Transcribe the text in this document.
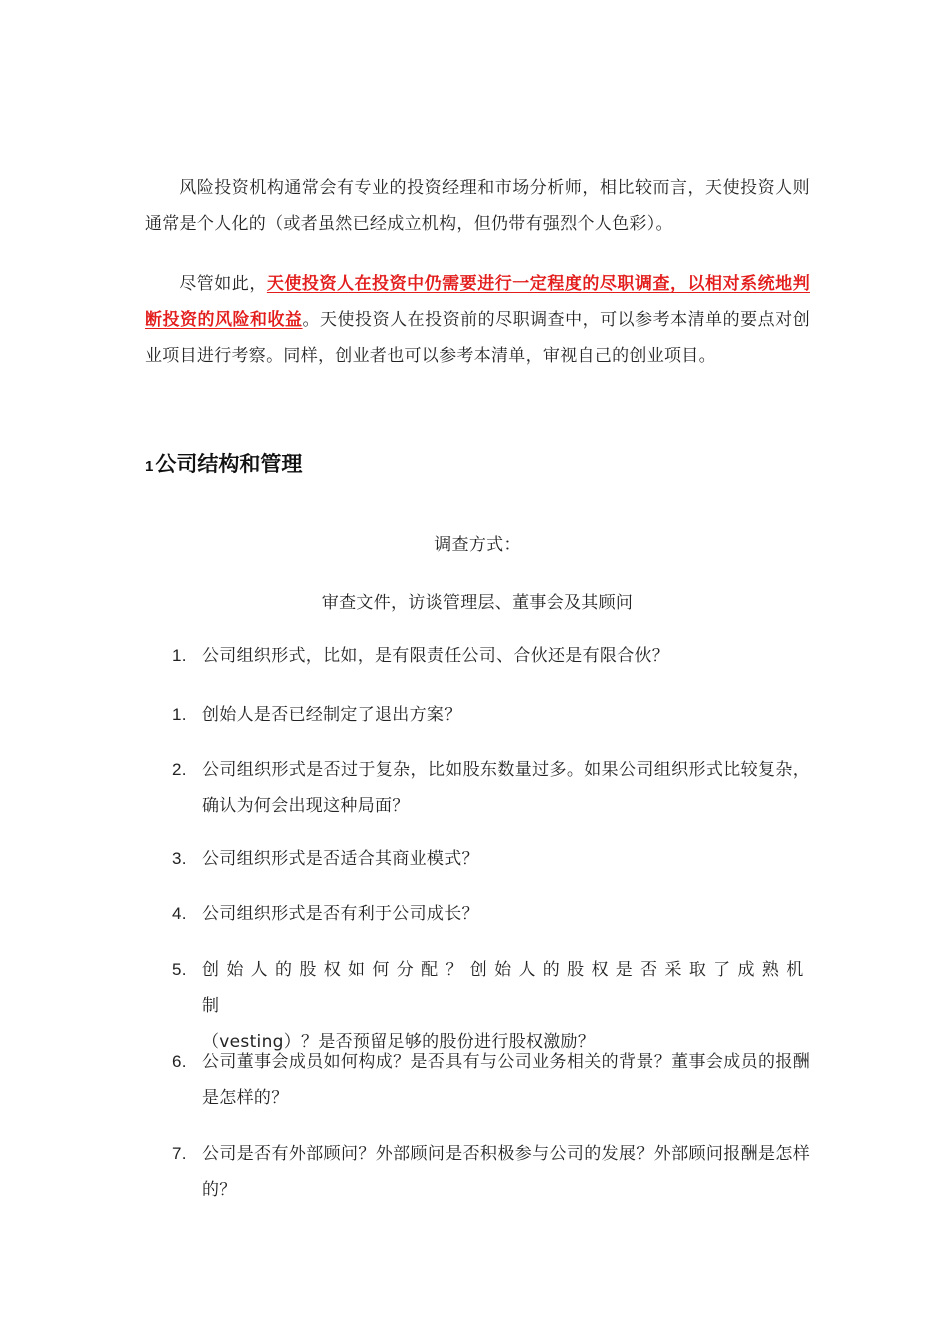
风险投资机构通常会有专业的投资经理和市场分析师，相比较而言，天使投资人则通常是个人化的（或者虽然已经成立机构，但仍带有强烈个人色彩）。

尽管如此，天使投资人在投资中仍需要进行一定程度的尽职调查，以相对系统地判断投资的风险和收益。天使投资人在投资前的尽职调查中，可以参考本清单的要点对创业项目进行考察。同样，创业者也可以参考本清单，审视自己的创业项目。

1公司结构和管理

调查方式：

审查文件，访谈管理层、董事会及其顾问

1. 公司组织形式，比如，是有限责任公司、合伙还是有限合伙？
1. 创始人是否已经制定了退出方案？
2. 公司组织形式是否过于复杂，比如股东数量过多。如果公司组织形式比较复杂，确认为何会出现这种局面？
3. 公司组织形式是否适合其商业模式？
4. 公司组织形式是否有利于公司成长？
5. 创始人的股权如何分配？创始人的股权是否采取了成熟机制
（vesting）？是否预留足够的股份进行股权激励？
6. 公司董事会成员如何构成？是否具有与公司业务相关的背景？董事会成员的报酬是怎样的？
7. 公司是否有外部顾问？外部顾问是否积极参与公司的发展？外部顾问报酬是怎样的？
